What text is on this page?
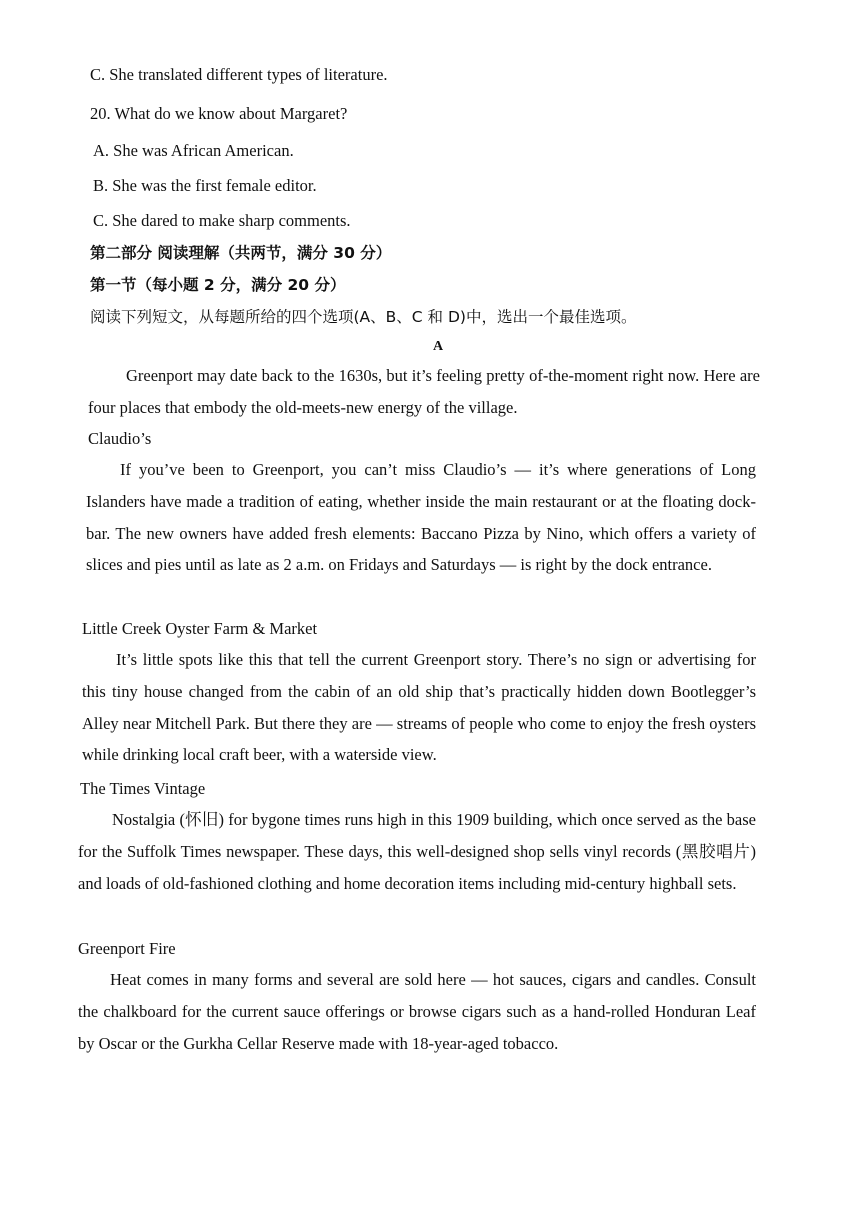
C. She translated different types of literature.
20. What do we know about Margaret?
A. She was African American.
B. She was the first female editor.
C. She dared to make sharp comments.
第二部分 阅读理解（共两节，满分 30 分）
第一节（每小题 2 分，满分 20 分）
阅读下列短文，从每题所给的四个选项(A、B、C 和 D)中，选出一个最佳选项。
A
Greenport may date back to the 1630s, but it’s feeling pretty of-the-moment right now. Here are four places that embody the old-meets-new energy of the village.
Claudio’s
If you’ve been to Greenport, you can’t miss Claudio’s — it’s where generations of Long Islanders have made a tradition of eating, whether inside the main restaurant or at the floating dock-bar. The new owners have added fresh elements: Baccano Pizza by Nino, which offers a variety of slices and pies until as late as 2 a.m. on Fridays and Saturdays — is right by the dock entrance.
Little Creek Oyster Farm & Market
It’s little spots like this that tell the current Greenport story. There’s no sign or advertising for this tiny house changed from the cabin of an old ship that’s practically hidden down Bootlegger’s Alley near Mitchell Park. But there they are — streams of people who come to enjoy the fresh oysters while drinking local craft beer, with a waterside view.
The Times Vintage
Nostalgia (怀旧) for bygone times runs high in this 1909 building, which once served as the base for the Suffolk Times newspaper. These days, this well-designed shop sells vinyl records (黑胶唱片) and loads of old-fashioned clothing and home decoration items including mid-century highball sets.
Greenport Fire
Heat comes in many forms and several are sold here — hot sauces, cigars and candles. Consult the chalkboard for the current sauce offerings or browse cigars such as a hand-rolled Honduran Leaf by Oscar or the Gurkha Cellar Reserve made with 18-year-aged tobacco.
